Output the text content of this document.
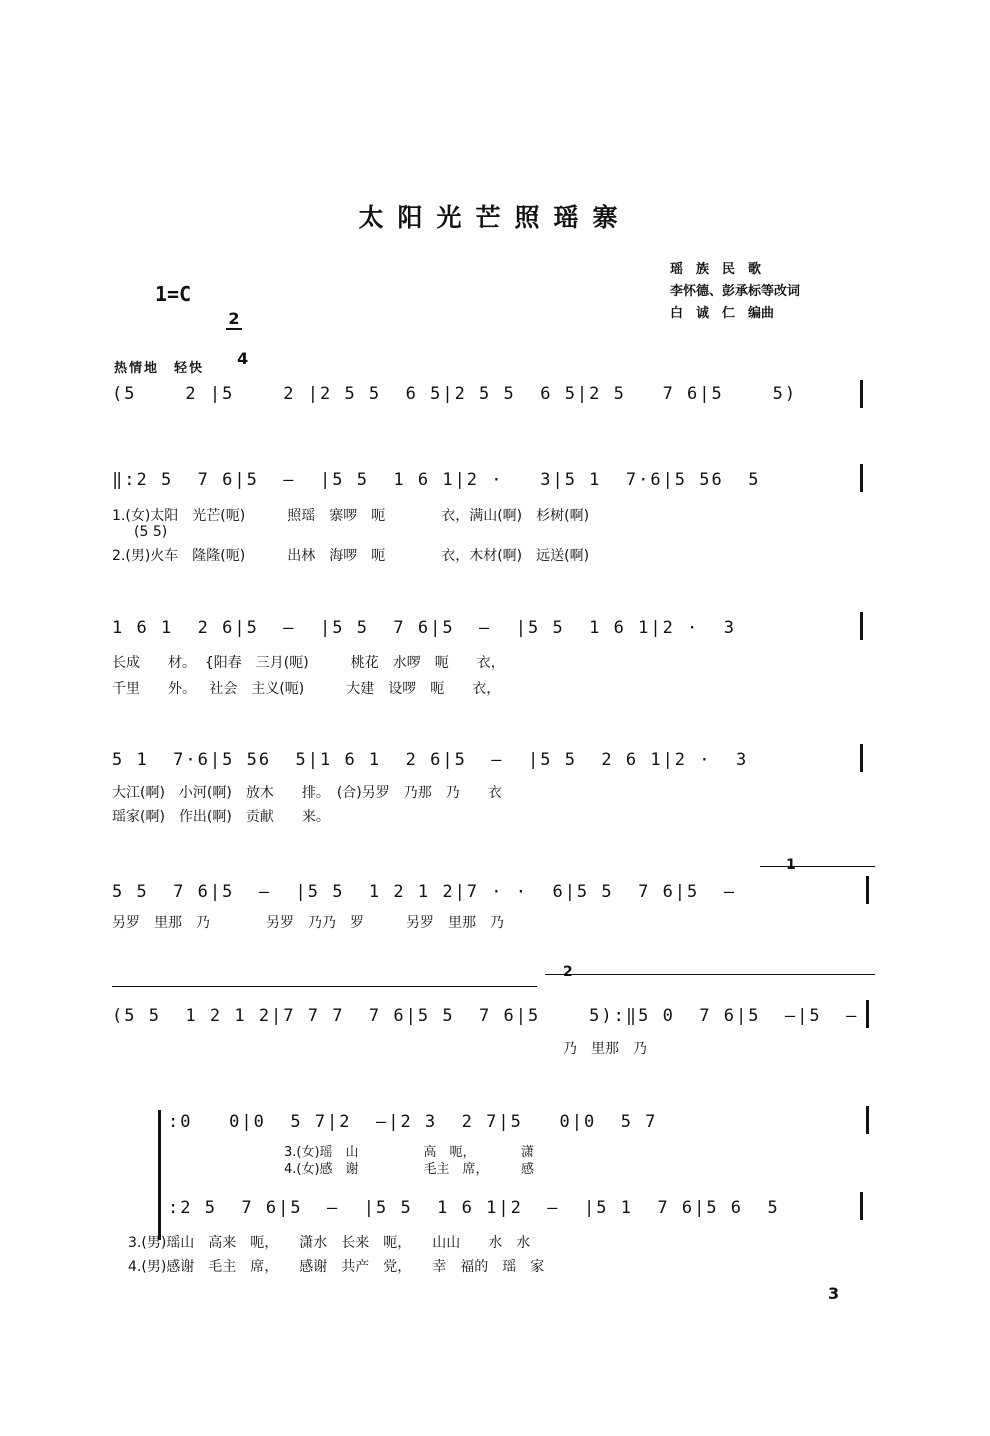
太阳光芒照瑶寨
1=C

2

4

瑶　族　民　歌
李怀德、彭承标等改词
白　诚　仁　编曲
热情地　轻快
(5    2 |5    2 |2 5 5  6 5|2 5 5  6 5|2 5   7 6|5    5)
‖:2 5  7 6|5  —  |5 5  1 6 1|2 ·   3|5 1  7·6|5 56  5
1.(女)太阳　光芒(呃)　　　照瑶　寨啰　呃　　　　衣，满山(啊)　杉树(啊)
(5 5)
2.(男)火车　隆隆(呃)　　　出林　海啰　呃　　　　衣，木材(啊)　远送(啊)
1 6 1  2 6|5  —  |5 5  7 6|5  —  |5 5  1 6 1|2 ·  3
长成　　材。  {阳春　三月(呃)　　　桃花　水啰　呃　　衣，
千里　　外。   社会　主义(呃)　　　大建　设啰　呃　　衣，
5 1  7·6|5 56  5|1 6 1  2 6|5  —  |5 5  2 6 1|2 ·  3
大江(啊)　小河(啊)　放木　　排。　(合)另罗　乃那　乃　　衣
瑶家(啊)　作出(啊)　贡献　　来。
1
5 5  7 6|5  —  |5 5  1 2 1 2|7 · ·  6|5 5  7 6|5  —
另罗　里那　乃　　　　另罗　乃乃　罗　　　另罗　里那　乃
2
(5 5  1 2 1 2|7 7 7  7 6|5 5  7 6|5    5):‖5 0  7 6|5  —|5  —
乃　里那　乃
:0   0|0  5 7|2  —|2 3  2 7|5   0|0  5 7
3.(女)瑶　山　　　　　高　呃，　　　　潇
4.(女)感　谢　　　　　毛主　席，　　　感
:2 5  7 6|5  —  |5 5  1 6 1|2  —  |5 1  7 6|5 6  5
3.(男)瑶山　高来　呃，　　潇水　长来　呃，　　山山　　水　水
4.(男)感谢　毛主　席，　　感谢　共产　党，　　幸　福的　瑶　家
3
